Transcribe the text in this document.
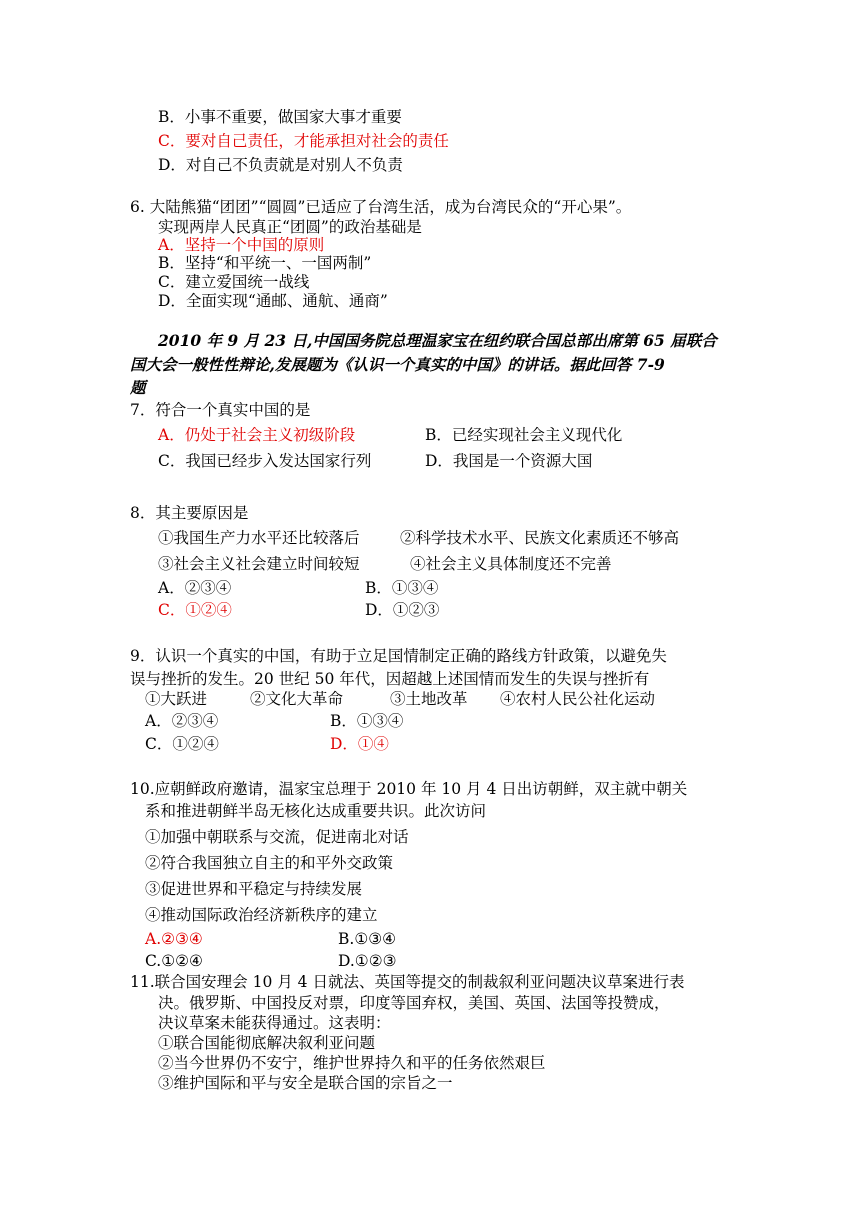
B．小事不重要，做国家大事才重要
C．要对自己责任，才能承担对社会的责任
D．对自己不负责就是对别人不负责
6. 大陆熊猫“团团”“圆圆”已适应了台湾生活，成为台湾民众的“开心果”。
实现两岸人民真正“团圆”的政治基础是
A．坚持一个中国的原则
B．坚持“和平统一、一国两制”
C．建立爱国统一战线
D．全面实现“通邮、通航、通商”
2010 年 9 月 23 日,中国国务院总理温家宝在纽约联合国总部出席第 65 届联合
国大会一般性性辩论,发展题为《认识一个真实的中国》的讲话。据此回答 7-9
题
7．符合一个真实中国的是
A．仍处于社会主义初级阶段	B．已经实现社会主义现代化
C．我国已经步入发达国家行列	D．我国是一个资源大国
8．其主要原因是
①我国生产力水平还比较落后	②科学技术水平、民族文化素质还不够高
③社会主义社会建立时间较短	④社会主义具体制度还不完善
A．②③④	B．①③④
C．①②④	D．①②③
9．认识一个真实的中国，有助于立足国情制定正确的路线方针政策，以避免失
误与挫折的发生。20 世纪 50 年代，因超越上述国情而发生的失误与挫折有
①大跃进	②文化大革命	③土地改革 ④农村人民公社化运动
A．②③④	B．①③④
C．①②④	D．①④
10.应朝鲜政府邀请，温家宝总理于 2010 年 10 月 4 日出访朝鲜，双主就中朝关
系和推进朝鲜半岛无核化达成重要共识。此次访问
①加强中朝联系与交流，促进南北对话
②符合我国独立自主的和平外交政策
③促进世界和平稳定与持续发展
④推动国际政治经济新秩序的建立
A.②③④	B.①③④
C.①②④	D.①②③
11.联合国安理会 10 月 4 日就法、英国等提交的制裁叙利亚问题决议草案进行表
决。俄罗斯、中国投反对票，印度等国弃权，美国、英国、法国等投赞成，
决议草案未能获得通过。这表明：
①联合国能彻底解决叙利亚问题
②当今世界仍不安宁，维护世界持久和平的任务依然艰巨
③维护国际和平与安全是联合国的宗旨之一
